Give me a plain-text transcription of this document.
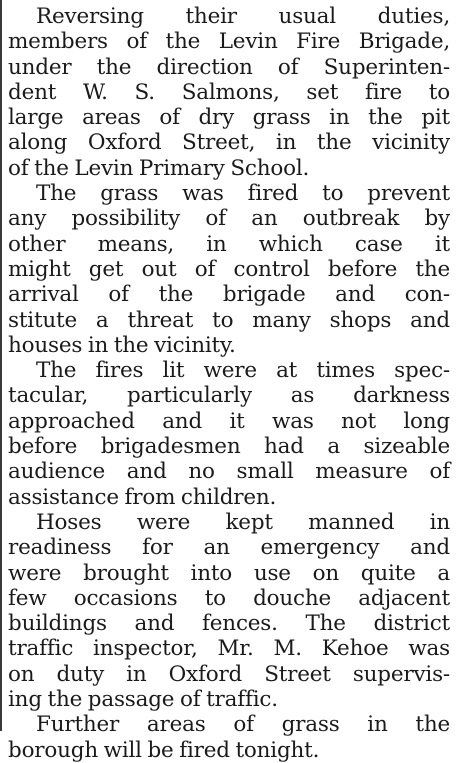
Reversing their usual duties,
members of the Levin Fire Brigade,
under the direction of Superinten-
dent W. S. Salmons, set fire to
large areas of dry grass in the pit
along Oxford Street, in the vicinity
of the Levin Primary School.
The grass was fired to prevent
any possibility of an outbreak by
other means, in which case it
might get out of control before the
arrival of the brigade and con-
stitute a threat to many shops and
houses in the vicinity.
The fires lit were at times spec-
tacular, particularly as darkness
approached and it was not long
before brigadesmen had a sizeable
audience and no small measure of
assistance from children.
Hoses were kept manned in
readiness for an emergency and
were brought into use on quite a
few occasions to douche adjacent
buildings and fences. The district
traffic inspector, Mr. M. Kehoe was
on duty in Oxford Street supervis-
ing the passage of traffic.
Further areas of grass in the
borough will be fired tonight.
